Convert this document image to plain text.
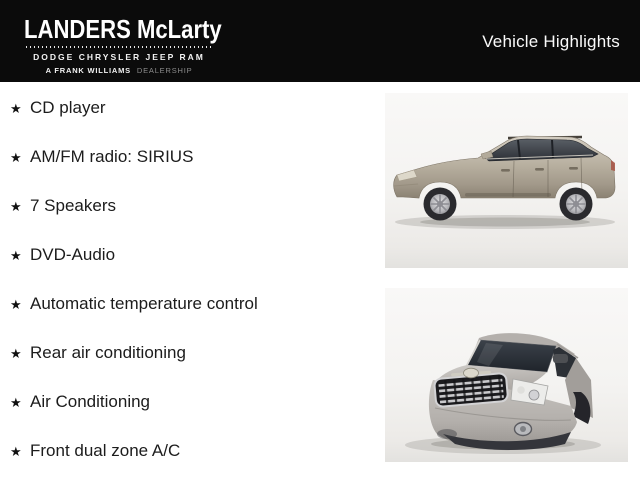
LANDERS McLarty
DODGE CHRYSLER JEEP RAM
A FRANK WILLIAMS DEALERSHIP
Vehicle Highlights
★ CD player
★ AM/FM radio: SIRIUS
★ 7 Speakers
★ DVD-Audio
★ Automatic temperature control
★ Rear air conditioning
★ Air Conditioning
★ Front dual zone A/C
